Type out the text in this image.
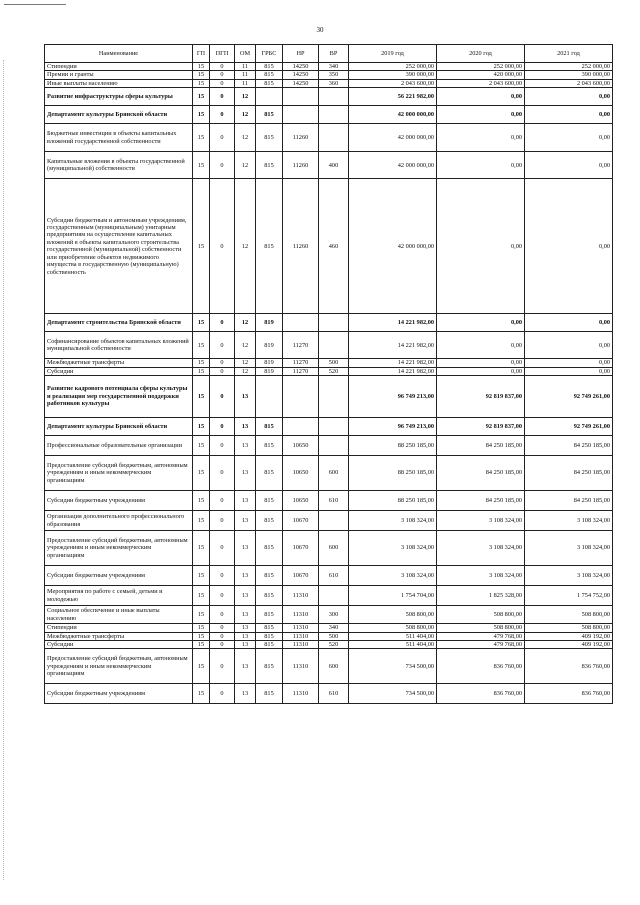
30
Наименование	ГП	ПГП	ОМ	ГРБС	НР	ВР	2019 год	2020 год	2021 год
Стипендии	15	0	11	815	14250	340	252 000,00	252 000,00	252 000,00
Премии и гранты	15	0	11	815	14250	350	390 000,00	420 000,00	390 000,00
Иные выплаты населению	15	0	11	815	14250	360	2 043 600,00	2 043 600,00	2 043 600,00
Развитие инфраструктуры сферы культуры	15	0	12				56 221 982,00	0,00	0,00
Департамент культуры Брянской области	15	0	12	815			42 000 000,00	0,00	0,00
Бюджетные инвестиции в объекты капитальных вложений государственной собственности	15	0	12	815	11260		42 000 000,00	0,00	0,00
Капитальные вложения в объекты государственной (муниципальной) собственности	15	0	12	815	11260	400	42 000 000,00	0,00	0,00
Субсидии бюджетным и автономным учреждениям, государственным (муниципальным) унитарным предприятиям на осуществление капитальных вложений в объекты капитального строительства государственной (муниципальной) собственности или приобретение объектов недвижимого имущества в государственную (муниципальную) собственность	15	0	12	815	11260	460	42 000 000,00	0,00	0,00
Департамент строительства Брянской области	15	0	12	819			14 221 982,00	0,00	0,00
Софинансирование объектов капитальных вложений муниципальной собственности	15	0	12	819	11270		14 221 982,00	0,00	0,00
Межбюджетные трансферты	15	0	12	819	11270	500	14 221 982,00	0,00	0,00
Субсидии	15	0	12	819	11270	520	14 221 982,00	0,00	0,00
Развитие кадрового потенциала сферы культуры и реализация мер государственной поддержки работников культуры	15	0	13				96 749 213,00	92 819 837,00	92 749 261,00
Департамент культуры Брянской области	15	0	13	815			96 749 213,00	92 819 837,00	92 749 261,00
Профессиональные образовательные организации	15	0	13	815	10650		88 250 185,00	84 250 185,00	84 250 185,00
Предоставление субсидий бюджетным, автономным учреждениям и иным некоммерческим организациям	15	0	13	815	10650	600	88 250 185,00	84 250 185,00	84 250 185,00
Субсидии бюджетным учреждениям	15	0	13	815	10650	610	88 250 185,00	84 250 185,00	84 250 185,00
Организация дополнительного профессионального образования	15	0	13	815	10670		3 108 324,00	3 108 324,00	3 108 324,00
Предоставление субсидий бюджетным, автономным учреждениям и иным некоммерческим организациям	15	0	13	815	10670	600	3 108 324,00	3 108 324,00	3 108 324,00
Субсидии бюджетным учреждениям	15	0	13	815	10670	610	3 108 324,00	3 108 324,00	3 108 324,00
Мероприятия по работе с семьей, детьми и молодежью	15	0	13	815	11310		1 754 704,00	1 825 328,00	1 754 752,00
Социальное обеспечение и иные выплаты населению	15	0	13	815	11310	300	508 800,00	508 800,00	508 800,00
Стипендии	15	0	13	815	11310	340	508 800,00	508 800,00	508 800,00
Межбюджетные трансферты	15	0	13	815	11310	500	511 404,00	479 768,00	409 192,00
Субсидии	15	0	13	815	11310	520	511 404,00	479 768,00	409 192,00
Предоставление субсидий бюджетным, автономным учреждениям и иным некоммерческим организациям	15	0	13	815	11310	600	734 500,00	836 760,00	836 760,00
Субсидии бюджетным учреждениям	15	0	13	815	11310	610	734 500,00	836 760,00	836 760,00
